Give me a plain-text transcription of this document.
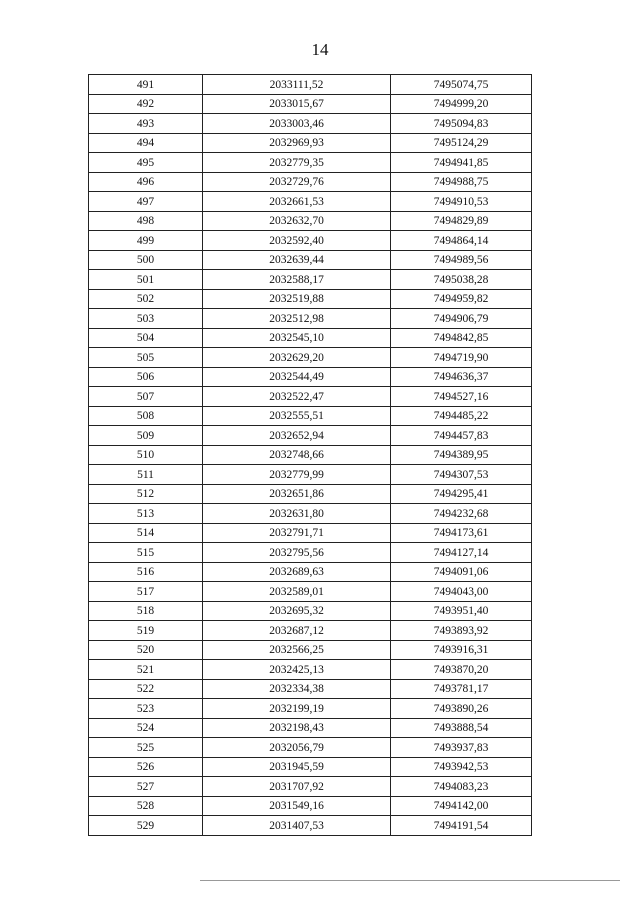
14
491	2033111,52	7495074,75
492	2033015,67	7494999,20
493	2033003,46	7495094,83
494	2032969,93	7495124,29
495	2032779,35	7494941,85
496	2032729,76	7494988,75
497	2032661,53	7494910,53
498	2032632,70	7494829,89
499	2032592,40	7494864,14
500	2032639,44	7494989,56
501	2032588,17	7495038,28
502	2032519,88	7494959,82
503	2032512,98	7494906,79
504	2032545,10	7494842,85
505	2032629,20	7494719,90
506	2032544,49	7494636,37
507	2032522,47	7494527,16
508	2032555,51	7494485,22
509	2032652,94	7494457,83
510	2032748,66	7494389,95
511	2032779,99	7494307,53
512	2032651,86	7494295,41
513	2032631,80	7494232,68
514	2032791,71	7494173,61
515	2032795,56	7494127,14
516	2032689,63	7494091,06
517	2032589,01	7494043,00
518	2032695,32	7493951,40
519	2032687,12	7493893,92
520	2032566,25	7493916,31
521	2032425,13	7493870,20
522	2032334,38	7493781,17
523	2032199,19	7493890,26
524	2032198,43	7493888,54
525	2032056,79	7493937,83
526	2031945,59	7493942,53
527	2031707,92	7494083,23
528	2031549,16	7494142,00
529	2031407,53	7494191,54
